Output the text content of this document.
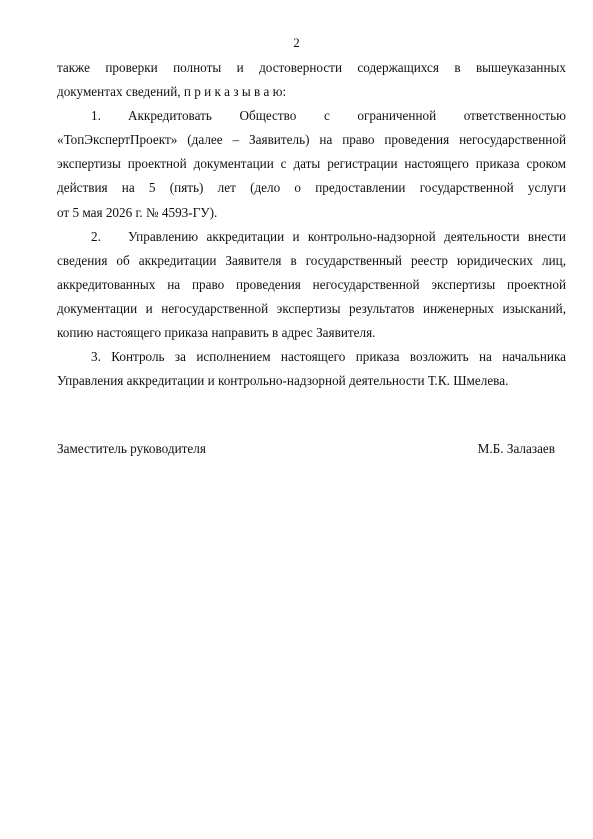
2
также проверки полноты и достоверности содержащихся в вышеуказанных
документах сведений, п р и к а з ы в а ю:
1.	Аккредитовать Общество с ограниченной ответственностью
«ТопЭкспертПроект» (далее – Заявитель) на право проведения негосударственной
экспертизы проектной документации с даты регистрации настоящего приказа сроком
действия на 5 (пять) лет (дело о предоставлении государственной услуги
от 5 мая 2026 г. № 4593-ГУ).
2.	Управлению аккредитации и контрольно-надзорной деятельности внести
сведения об аккредитации Заявителя в государственный реестр юридических лиц,
аккредитованных на право проведения негосударственной экспертизы проектной
документации и негосударственной экспертизы результатов инженерных изысканий,
копию настоящего приказа направить в адрес Заявителя.
3. Контроль за исполнением настоящего приказа возложить на начальника
Управления аккредитации и контрольно-надзорной деятельности Т.К. Шмелева.
Заместитель руководителя	М.Б. Залазаев
